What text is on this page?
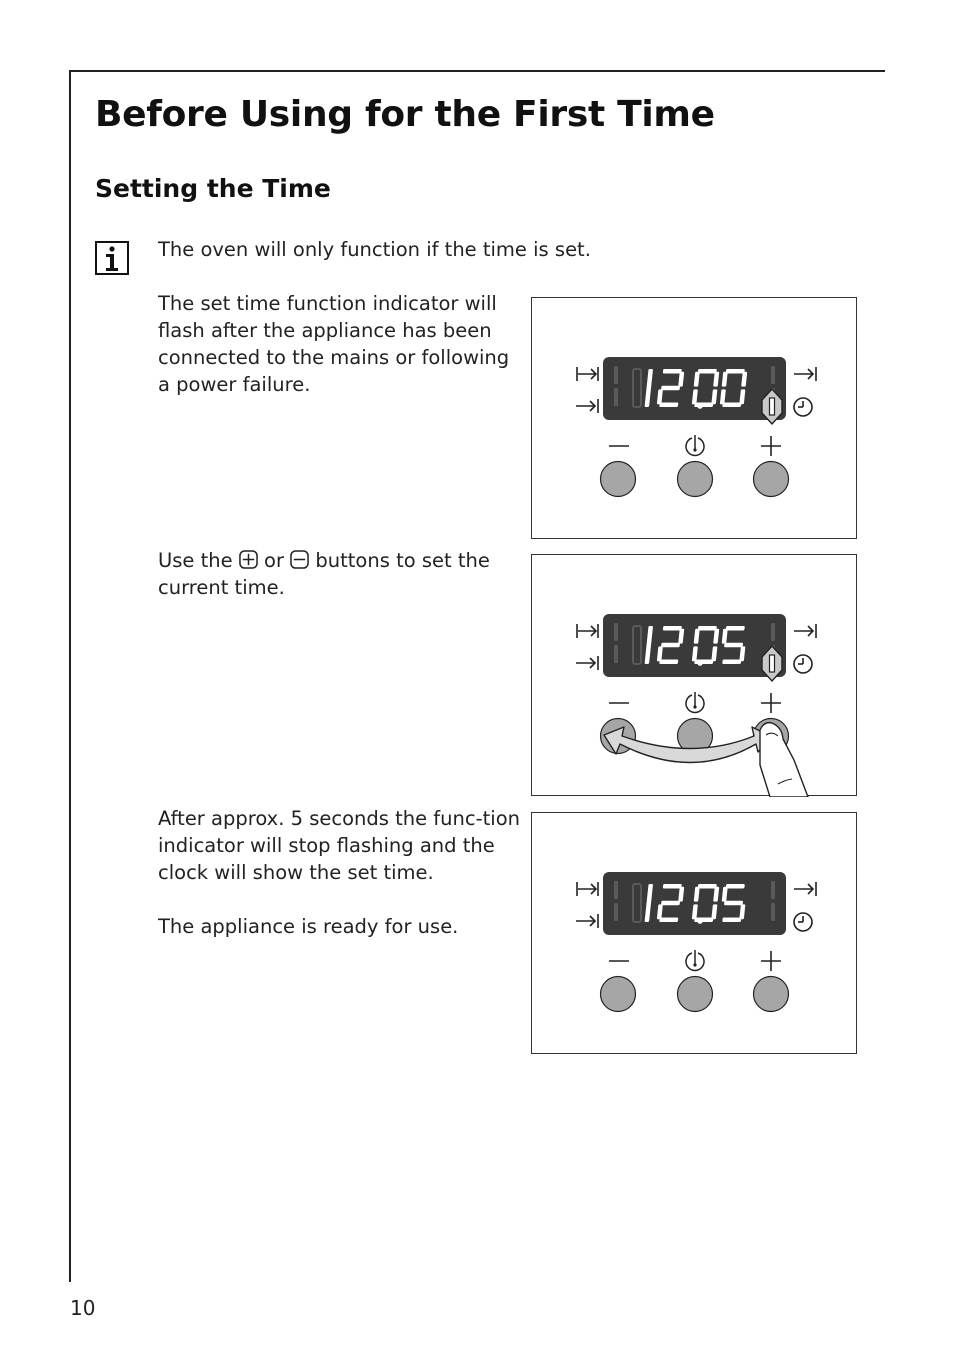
Before Using for the First Time
Setting the Time

The oven will only function if the time is set.

The set time function indicator will flash after the appliance has been connected to the mains or following a power failure.

Use the or buttons to set the current time.

After approx. 5 seconds the func-tion indicator will stop flashing and the clock will show the set time.

The appliance is ready for use.

10
